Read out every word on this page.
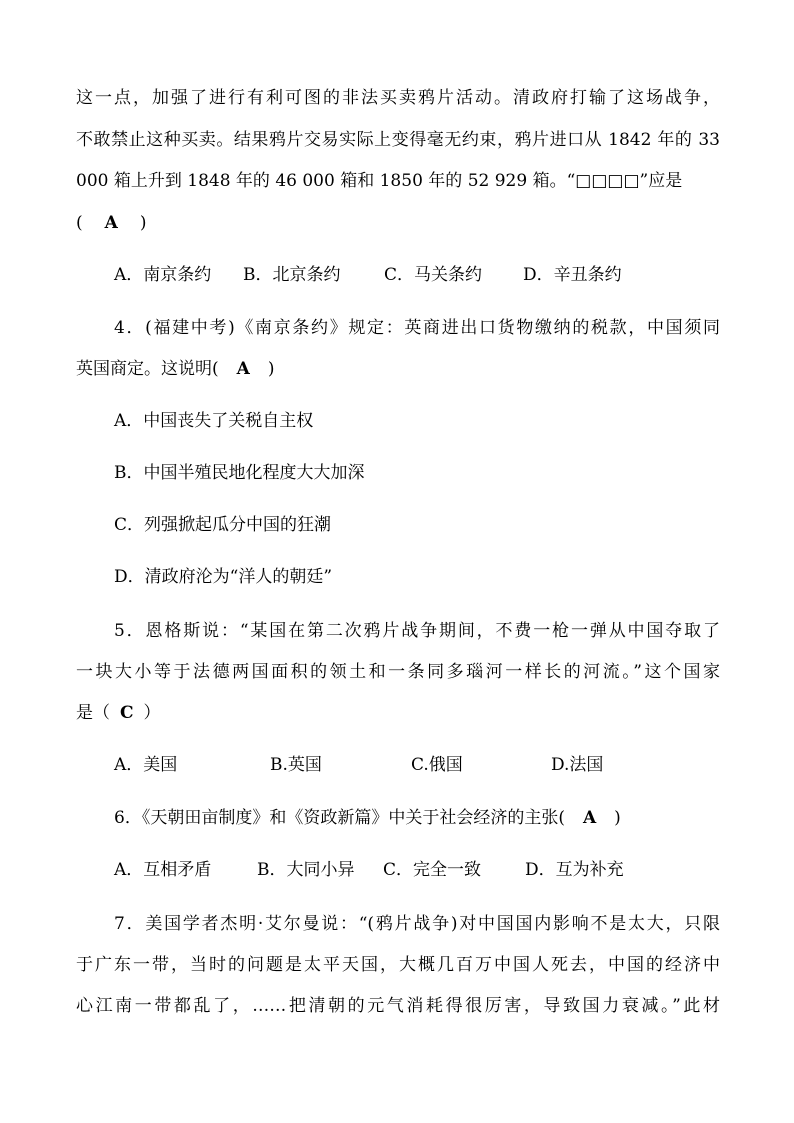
这一点，加强了进行有利可图的非法买卖鸦片活动。清政府打输了这场战争，
不敢禁止这种买卖。结果鸦片交易实际上变得毫无约束，鸦片进口从 1842 年的 33
000 箱上升到 1848 年的 46 000 箱和 1850 年的 52 929 箱。“□□□□”应是
( A )
A．南京条约 B．北京条约	C．马关条约 D．辛丑条约
4．(福建中考)《南京条约》规定：英商进出口货物缴纳的税款，中国须同
英国商定。这说明( A )
A．中国丧失了关税自主权
B．中国半殖民地化程度大大加深
C．列强掀起瓜分中国的狂潮
D．清政府沦为“洋人的朝廷”
5．恩格斯说：“某国在第二次鸦片战争期间，不费一枪一弹从中国夺取了
一块大小等于法德两国面积的领土和一条同多瑙河一样长的河流。”这个国家
是（ C ）
A．美国	B.英国	C.俄国	D.法国
6．《天朝田亩制度》和《资政新篇》中关于社会经济的主张( A )
A．互相矛盾	B．大同小异 C．完全一致	D．互为补充
7．美国学者杰明·艾尔曼说：“(鸦片战争)对中国国内影响不是太大，只限
于广东一带，当时的问题是太平天国，大概几百万中国人死去，中国的经济中
心江南一带都乱了，……把清朝的元气消耗得很厉害，导致国力衰减。”此材
